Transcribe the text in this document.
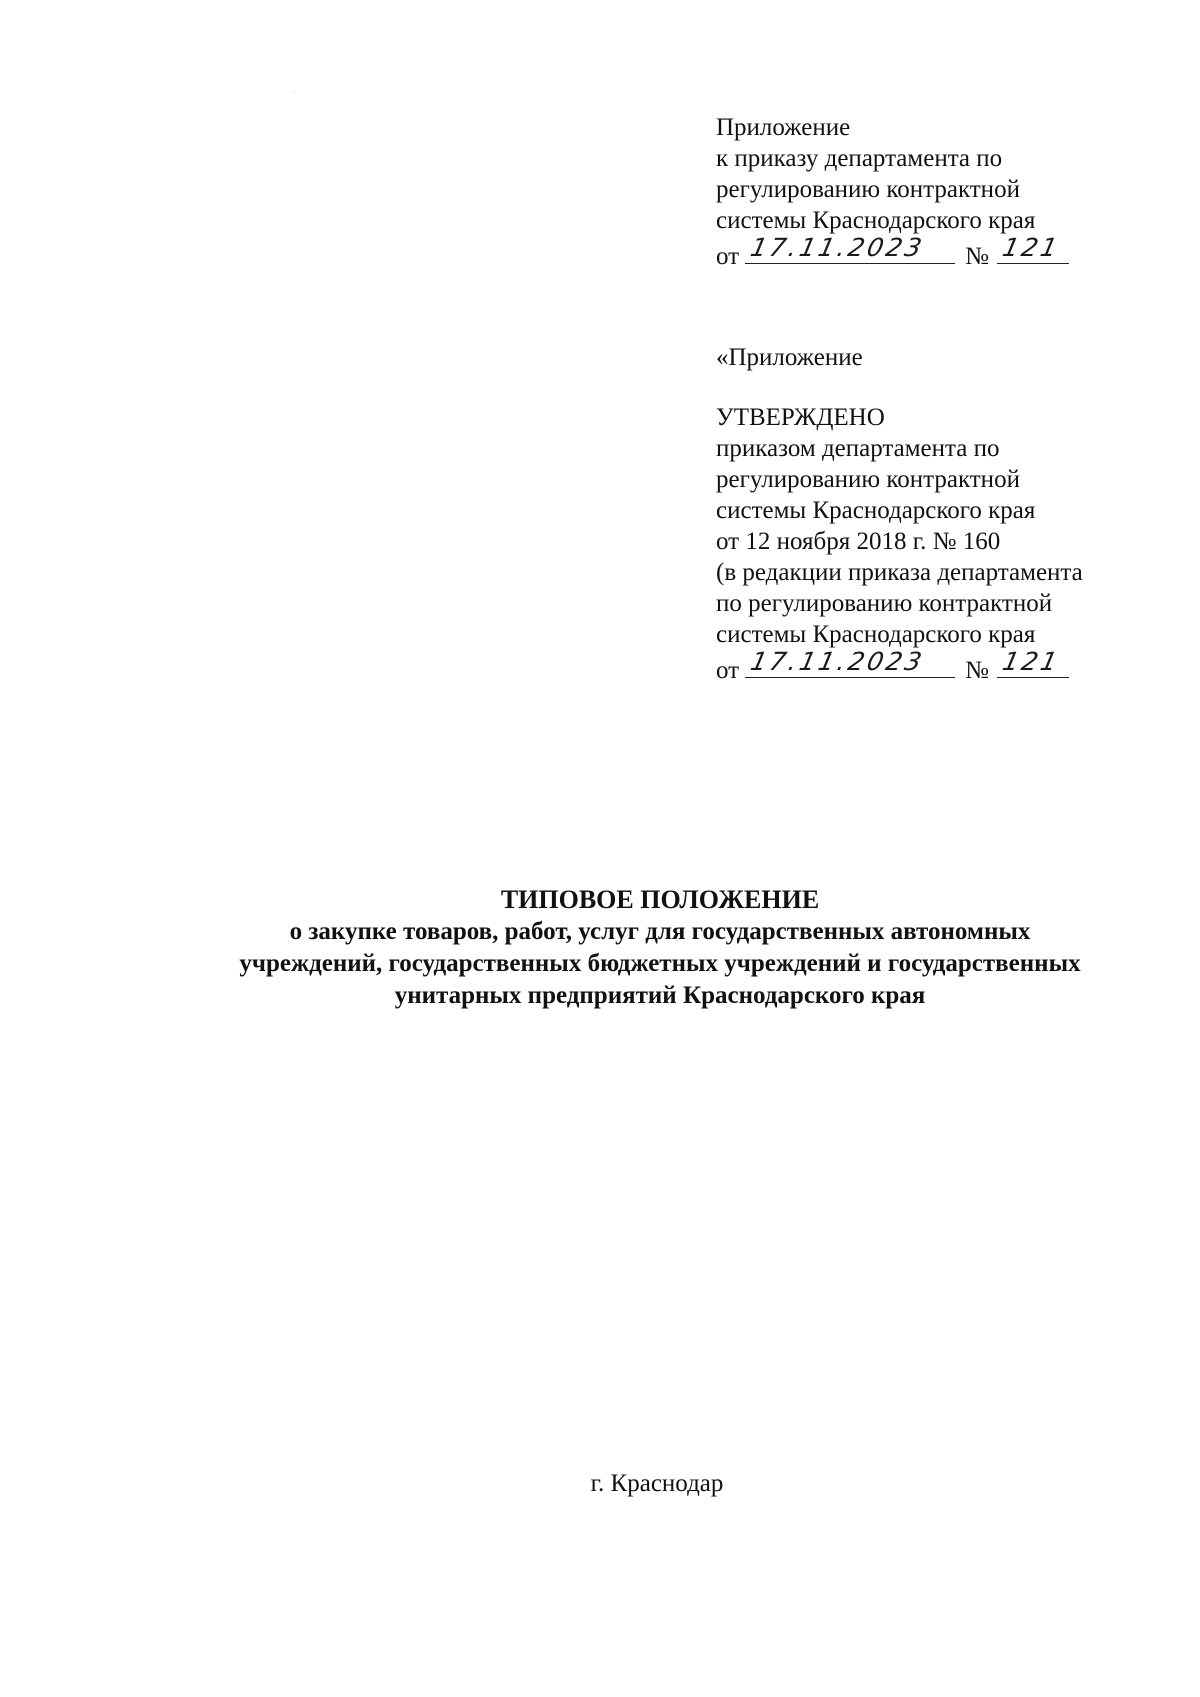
Приложение
к приказу департамента по
регулированию контрактной
системы Краснодарского края
от 17.11.2023 № 121
«Приложение
УТВЕРЖДЕНО
приказом департамента по
регулированию контрактной
системы Краснодарского края
от 12 ноября 2018 г. № 160
(в редакции приказа департамента
по регулированию контрактной
системы Краснодарского края
от 17.11.2023 № 121
ТИПОВОЕ ПОЛОЖЕНИЕ
о закупке товаров, работ, услуг для государственных автономных
учреждений, государственных бюджетных учреждений и государственных
унитарных предприятий Краснодарского края
г. Краснодар
